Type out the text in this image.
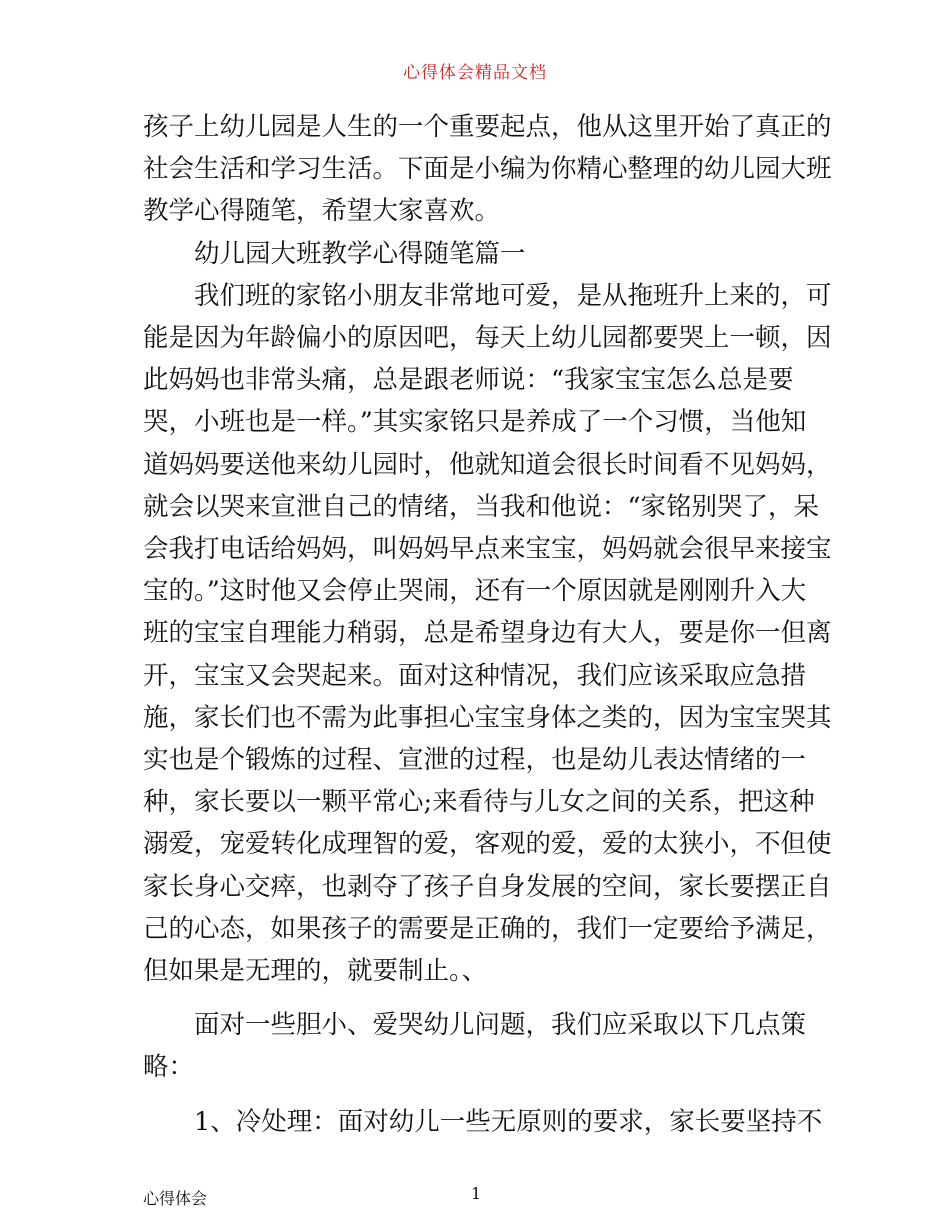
心得体会精品文档

孩子上幼儿园是人生的一个重要起点，他从这里开始了真正的
社会生活和学习生活。下面是小编为你精心整理的幼儿园大班
教学心得随笔，希望大家喜欢。

　　幼儿园大班教学心得随笔篇一

　　我们班的家铭小朋友非常地可爱，是从拖班升上来的，可
能是因为年龄偏小的原因吧，每天上幼儿园都要哭上一顿，因
此妈妈也非常头痛，总是跟老师说：“我家宝宝怎么总是要
哭，小班也是一样。”其实家铭只是养成了一个习惯，当他知
道妈妈要送他来幼儿园时，他就知道会很长时间看不见妈妈，
就会以哭来宣泄自己的情绪，当我和他说：“家铭别哭了，呆
会我打电话给妈妈，叫妈妈早点来宝宝，妈妈就会很早来接宝
宝的。”这时他又会停止哭闹，还有一个原因就是刚刚升入大
班的宝宝自理能力稍弱，总是希望身边有大人，要是你一但离
开，宝宝又会哭起来。面对这种情况，我们应该采取应急措
施，家长们也不需为此事担心宝宝身体之类的，因为宝宝哭其
实也是个锻炼的过程、宣泄的过程，也是幼儿表达情绪的一
种，家长要以一颗平常心;来看待与儿女之间的关系，把这种
溺爱，宠爱转化成理智的爱，客观的爱，爱的太狭小，不但使
家长身心交瘁，也剥夺了孩子自身发展的空间，家长要摆正自
己的心态，如果孩子的需要是正确的，我们一定要给予满足，
但如果是无理的，就要制止。、

　　面对一些胆小、爱哭幼儿问题，我们应采取以下几点策
略：

　　1、冷处理：面对幼儿一些无原则的要求，家长要坚持不

心得体会	1
